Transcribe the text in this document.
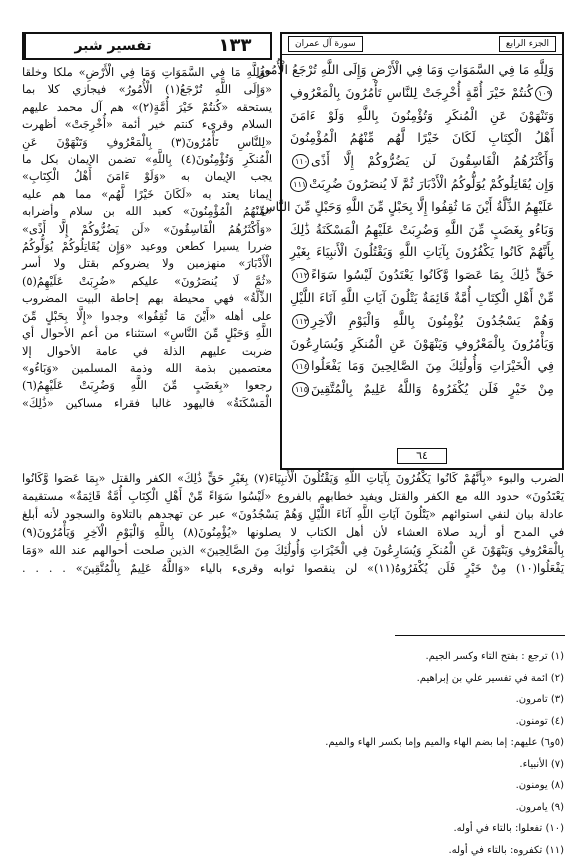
١٣٣
تفسير شبر	الجزء الرابع
سورة آل عمران
وَلِلَّهِ مَا فِي السَّمَوَاتِ وَمَا فِي الْأَرْضِ وَإِلَى اللَّهِ تُرْجَعُ الْأُمُورُ
١٠٩كُنتُمْ خَيْرَ أُمَّةٍ أُخْرِجَتْ لِلنَّاسِ تَأْمُرُونَ بِالْمَعْرُوفِ
وَتَنْهَوْنَ عَنِ الْمُنكَرِ وَتُؤْمِنُونَ بِاللَّهِ وَلَوْ ءَامَنَ
أَهْلُ الْكِتَابِ لَكَانَ خَيْرًا لَّهُم مِّنْهُمُ الْمُؤْمِنُونَ
وَأَكْثَرُهُمُ الْفَاسِقُونَ لَن يَضُرُّوكُمْ إِلَّا أَذًى١١٠
وَإِن يُقَاتِلُوكُمْ يُوَلُّوكُمُ الْأَدْبَارَ ثُمَّ لَا يُنصَرُونَ ضُرِبَتْ١١١
عَلَيْهِمُ الذِّلَّةُ أَيْنَ مَا ثُقِفُوا إِلَّا بِحَبْلٍ مِّنَ اللَّهِ وَحَبْلٍ مِّنَ النَّاسِ
وَبَاءُو بِغَضَبٍ مِّنَ اللَّهِ وَضُرِبَتْ عَلَيْهِمُ الْمَسْكَنَةُ ذَٰلِكَ
بِأَنَّهُمْ كَانُوا يَكْفُرُونَ بِآيَاتِ اللَّهِ وَيَقْتُلُونَ الْأَنبِيَاءَ بِغَيْرِ
حَقٍّ ذَٰلِكَ بِمَا عَصَوا وَّكَانُوا يَعْتَدُونَ لَيْسُوا سَوَاءً١١٢
مِّنْ أَهْلِ الْكِتَابِ أُمَّةٌ قَائِمَةٌ يَتْلُونَ آيَاتِ اللَّهِ آنَاءَ اللَّيْلِ
وَهُمْ يَسْجُدُونَ يُؤْمِنُونَ بِاللَّهِ وَالْيَوْمِ الْآخِرِ١١٣
وَيَأْمُرُونَ بِالْمَعْرُوفِ وَيَنْهَوْنَ عَنِ الْمُنكَرِ وَيُسَارِعُونَ
فِي الْخَيْرَاتِ وَأُولَٰئِكَ مِنَ الصَّالِحِينَ وَمَا يَفْعَلُوا١١٤
مِنْ خَيْرٍ فَلَن يُكْفَرُوهُ وَاللَّهُ عَلِيمٌ بِالْمُتَّقِينَ١١٥
٦٤
«وَلِلَّهِ مَا فِي السَّمَوَاتِ وَمَا فِي الْأَرْضِ» ملكا وخلقا
«وَإِلَى اللَّهِ تُرْجَعُ(١) الْأُمُورُ» فيجازي كلا بما
يستحقه «كُنتُمْ خَيْرَ أُمَّةٍ(٢)» هم آل محمد عليهم
السلام وقرىء كنتم خير أئمة «أُخْرِجَتْ» أظهرت
«لِلنَّاسِ تَأْمُرُونَ(٣) بِالْمَعْرُوفِ وَتَنْهَوْنَ عَنِ
الْمُنكَرِ وَتُؤْمِنُونَ(٤) بِاللَّهِ» تضمن الإيمان بكل ما
يجب الإيمان به «وَلَوْ ءَامَنَ أَهْلُ الْكِتَابِ»
إيمانا يعتد به «لَكَانَ خَيْرًا لَّهُم» مما هم عليه
«مِّنْهُمُ الْمُؤْمِنُونَ» كعبد الله بن سلام وأضرابه
«وَأَكْثَرُهُمُ الْفَاسِقُونَ» «لَن يَضُرُّوكُمْ إِلَّا أَذًى»
ضررا يسيرا كطعن ووعيد «وَإِن يُقَاتِلُوكُمْ يُوَلُّوكُمُ
الْأَدْبَارَ» منهزمين ولا يضروكم بقتل ولا أسر
«ثُمَّ لَا يُنصَرُونَ» عليكم «ضُرِبَتْ عَلَيْهِمُ(٥)
الذِّلَّةُ» فهي محيطة بهم إحاطة البيت المضروب
على أهله «أَيْنَ مَا ثُقِفُوا» وجدوا «إِلَّا بِحَبْلٍ مِّنَ
اللَّهِ وَحَبْلٍ مِّنَ النَّاسِ» استثناء من أعم الأحوال أي
ضربت عليهم الذلة في عامة الأحوال إلا
معتصمين بذمة الله وذمة المسلمين «وَبَاءُو»
رجعوا «بِغَضَبٍ مِّنَ اللَّهِ وَضُرِبَتْ عَلَيْهِمُ(٦)
الْمَسْكَنَةُ» فاليهود غالبا فقراء مساكين «ذَٰلِكَ»
الضرب والبوء «بِأَنَّهُمْ كَانُوا يَكْفُرُونَ بِآيَاتِ اللَّهِ وَيَقْتُلُونَ الْأَنبِيَاءَ(٧) بِغَيْرِ حَقٍّ ذَٰلِكَ» الكفر والقتل «بِمَا عَصَوا وَّكَانُوا
يَعْتَدُونَ» حدود الله مع الكفر والقتل ويفيد خطابهم بالفروع «لَيْسُوا سَوَاءً مِّنْ أَهْلِ الْكِتَابِ أُمَّةٌ قَائِمَةٌ» مستقيمة
عادلة بيان لنفي استوائهم «يَتْلُونَ آيَاتِ اللَّهِ آنَاءَ اللَّيْلِ وَهُمْ يَسْجُدُونَ» عبر عن تهجدهم بالتلاوة والسجود لأنه أبلغ
في المدح أو أريد صلاة العشاء لأن أهل الكتاب لا يصلونها «يُؤْمِنُونَ(٨) بِاللَّهِ وَالْيَوْمِ الْآخِرِ وَيَأْمُرُونَ(٩)
بِالْمَعْرُوفِ وَيَنْهَوْنَ عَنِ الْمُنكَرِ وَيُسَارِعُونَ فِي الْخَيْرَاتِ وَأُولَٰئِكَ مِنَ الصَّالِحِينَ» الذين صلحت أحوالهم عند الله «وَمَا
يَفْعَلُوا(١٠) مِنْ خَيْرٍ فَلَن يُكْفَرُوهُ(١١)» لن ينقصوا ثوابه وقرىء بالياء «وَاللَّهُ عَلِيمٌ بِالْمُتَّقِينَ» . . . .
(١) ترجع : بفتح التاء وكسر الجيم.
(٢) ائمة في تفسير علي بن إبراهيم.
(٣) تامرون.
(٤) تومنون.
(٥و٦) عليهم: إما بضم الهاء والميم وإما بكسر الهاء والميم.
(٧) الأنبياء.
(٨) يومنون.
(٩) يامرون.
(١٠) تفعلوا: بالتاء في أوله.
(١١) تكفروه: بالتاء في أوله.
